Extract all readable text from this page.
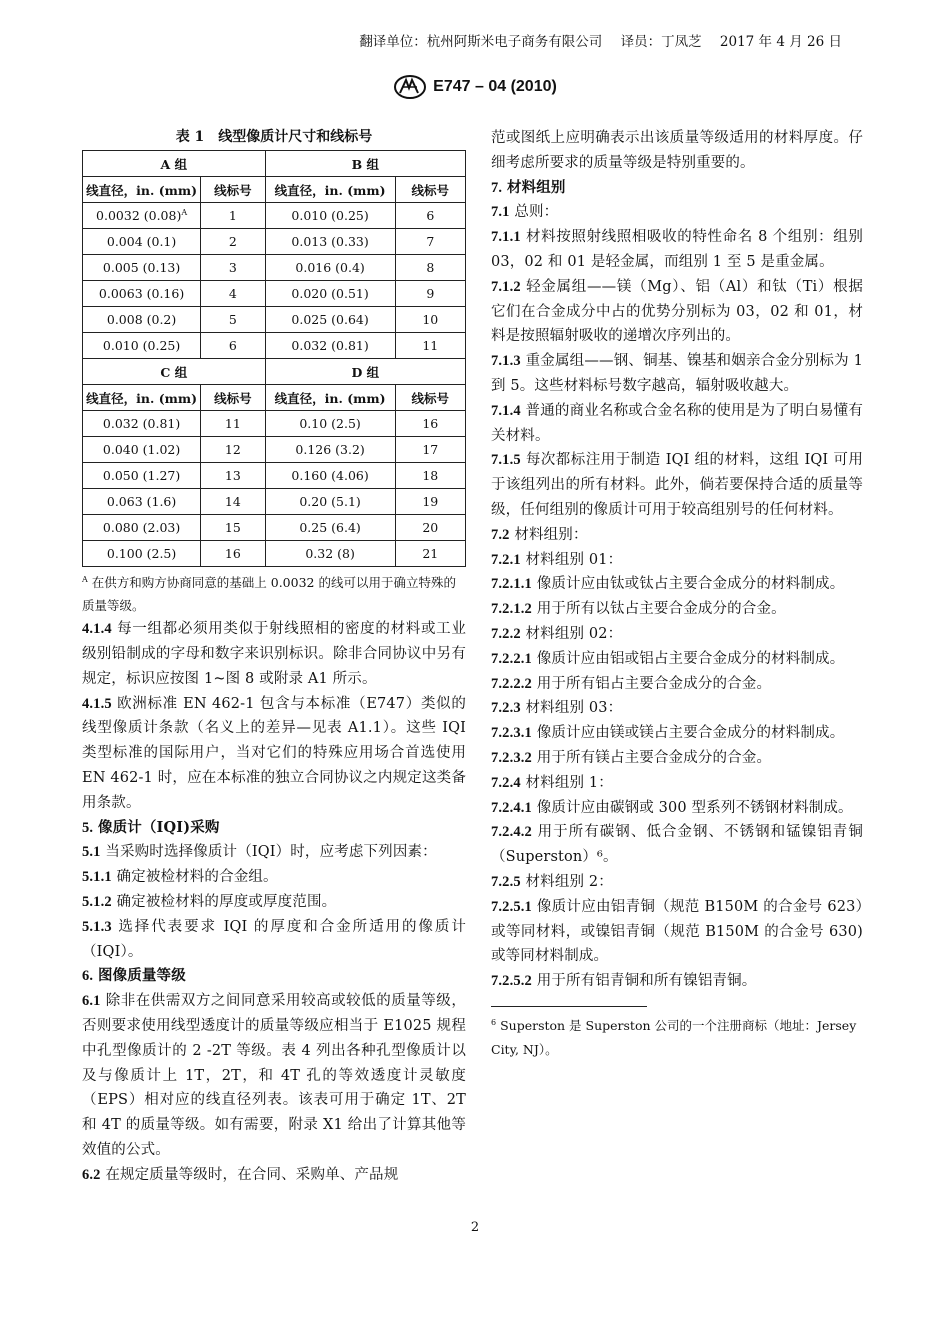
翻译单位：杭州阿斯米电子商务有限公司 译员：丁凤芝 2017 年 4 月 26 日
E747 – 04 (2010)
表 1　线型像质计尺寸和线标号
A 组		B 组	
线直径，in. (mm)	线标号	线直径，in. (mm)	线标号
0.0032 $(0.08)^A$	1	0.010 (0.25)	6
0.004 (0.1)	2	0.013 (0.33)	7
0.005 (0.13)	3	0.016 (0.4)	8
0.0063 (0.16)	4	0.020 (0.51)	9
0.008 (0.2)	5	0.025 (0.64)	10
0.010 (0.25)	6	0.032 (0.81)	11
C 组		D 组	
线直径，in. (mm)	线标号	线直径，in. (mm)	线标号
0.032 (0.81)	11	0.10 (2.5)	16
0.040 (1.02)	12	0.126 (3.2)	17
0.050 (1.27)	13	0.160 (4.06)	18
0.063 (1.6)	14	0.20 (5.1)	19
0.080 (2.03)	15	0.25 (6.4)	20
0.100 (2.5)	16	0.32 (8)	21
$^A$ 在供方和购方协商同意的基础上 0.0032 的线可以用于确立特殊的质量等级。

4.1.4 每一组都必须用类似于射线照相的密度的材料或工业级别铅制成的字母和数字来识别标识。除非合同协议中另有规定，标识应按图 1~图 8 或附录 A1 所示。

4.1.5 欧洲标准 EN 462-1 包含与本标准（E747）类似的线型像质计条款（名义上的差异—见表 A1.1）。这些 IQI 类型标准的国际用户，当对它们的特殊应用场合首选使用 EN 462-1 时，应在本标准的独立合同协议之内规定这类备用条款。

5. 像质计（IQI)采购

5.1 当采购时选择像质计（IQI）时，应考虑下列因素：

5.1.1 确定被检材料的合金组。

5.1.2 确定被检材料的厚度或厚度范围。

5.1.3 选择代表要求 IQI 的厚度和合金所适用的像质计（IQI）。

6. 图像质量等级

6.1 除非在供需双方之间同意采用较高或较低的质量等级，否则要求使用线型透度计的质量等级应相当于 E1025 规程中孔型像质计的 2 -2T 等级。表 4 列出各种孔型像质计以及与像质计上 1T，2T，和 4T 孔的等效透度计灵敏度（EPS）相对应的线直径列表。该表可用于确定 1T、2T 和 4T 的质量等级。如有需要，附录 X1 给出了计算其他等效值的公式。

6.2 在规定质量等级时，在合同、采购单、产品规

范或图纸上应明确表示出该质量等级适用的材料厚度。仔细考虑所要求的质量等级是特别重要的。

7. 材料组别

7.1 总则：

7.1.1 材料按照射线照相吸收的特性命名 8 个组别：组别 03，02 和 01 是轻金属，而组别 1 至 5 是重金属。

7.1.2 轻金属组——镁（Mg）、铝（Al）和钛（Ti）根据它们在合金成分中占的优势分别标为 03，02 和 01，材料是按照辐射吸收的递增次序列出的。

7.1.3 重金属组——钢、铜基、镍基和姻亲合金分别标为 1 到 5。这些材料标号数字越高，辐射吸收越大。

7.1.4 普通的商业名称或合金名称的使用是为了明白易懂有关材料。

7.1.5 每次都标注用于制造 IQI 组的材料，这组 IQI 可用于该组列出的所有材料。此外，倘若要保持合适的质量等级，任何组别的像质计可用于较高组别号的任何材料。

7.2 材料组别：

7.2.1 材料组别 01：

7.2.1.1 像质计应由钛或钛占主要合金成分的材料制成。

7.2.1.2 用于所有以钛占主要合金成分的合金。

7.2.2 材料组别 02：

7.2.2.1 像质计应由铝或铝占主要合金成分的材料制成。

7.2.2.2 用于所有铝占主要合金成分的合金。

7.2.3 材料组别 03：

7.2.3.1 像质计应由镁或镁占主要合金成分的材料制成。

7.2.3.2 用于所有镁占主要合金成分的合金。

7.2.4 材料组别 1：

7.2.4.1 像质计应由碳钢或 300 型系列不锈钢材料制成。

7.2.4.2 用于所有碳钢、低合金钢、不锈钢和锰镍铝青铜（Superston）⁶。

7.2.5 材料组别 2：

7.2.5.1 像质计应由铝青铜（规范 B150M 的合金号 623）或等同材料，或镍铝青铜（规范 B150M 的合金号 630)或等同材料制成。

7.2.5.2 用于所有铝青铜和所有镍铝青铜。

$^6$ Superston 是 Superston 公司的一个注册商标（地址：Jersey City, NJ）。
2
